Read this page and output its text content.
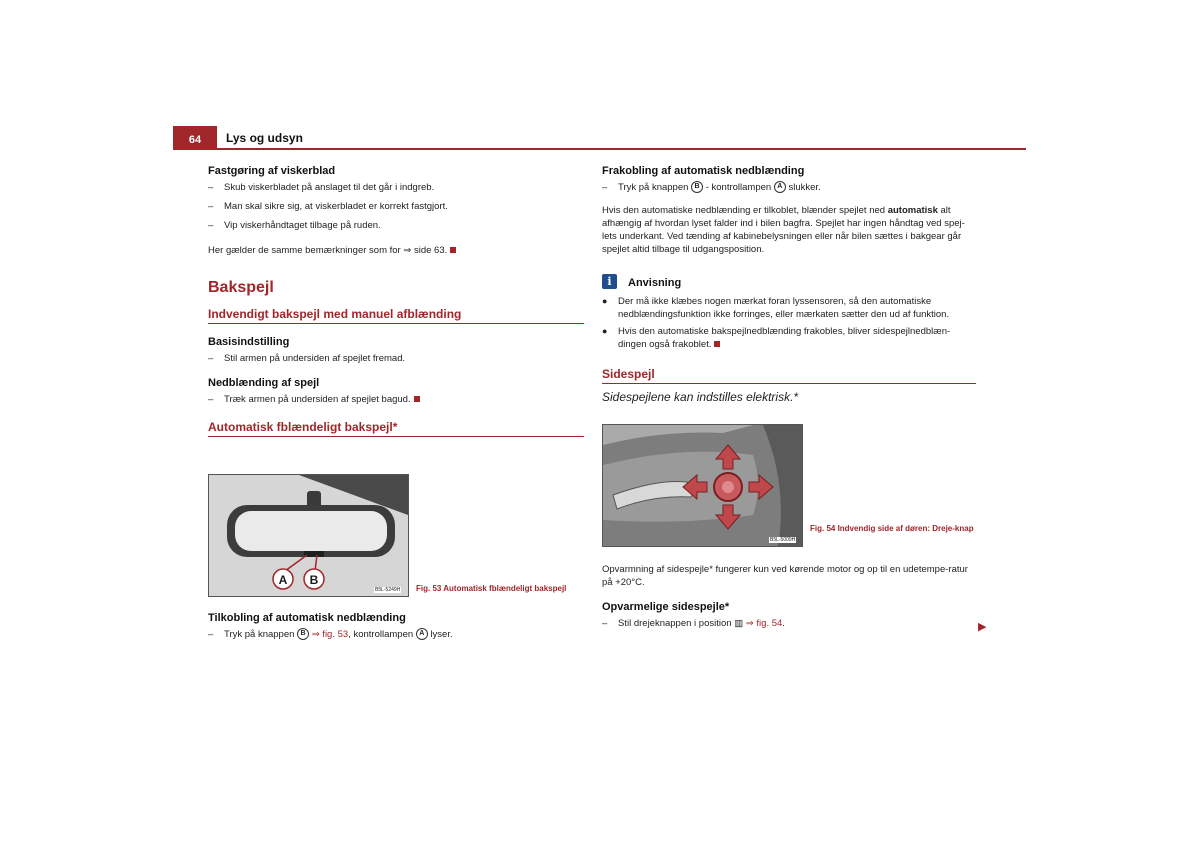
64	Lys og udsyn
Fastgøring af viskerblad
– Skub viskerbladet på anslaget til det går i indgreb.
– Man skal sikre sig, at viskerbladet er korrekt fastgjort.
– Vip viskerhåndtaget tilbage på ruden.
Her gælder de samme bemærkninger som for ⇒ side 63.
Bakspejl
Indvendigt bakspejl med manuel afblænding
Basisindstilling
– Stil armen på undersiden af spejlet fremad.
Nedblænding af spejl
– Træk armen på undersiden af spejlet bagud.
Automatisk fblændeligt bakspejl*
A B
B5L-5249H Fig. 53 Automatisk fblændeligt bakspejl
Tilkobling af automatisk nedblænding
– Tryk på knappen B ⇒ fig. 53, kontrollampen A lyser.
Frakobling af automatisk nedblænding
– Tryk på knappen B - kontrollampen A slukker.
Hvis den automatiske nedblænding er tilkoblet, blænder spejlet ned automatisk alt afhængig af hvordan lyset falder ind i bilen bagfra. Spejlet har ingen håndtag ved spej-lets underkant. Ved tænding af kabinebelysningen eller når bilen sættes i bakgear går spejlet altid tilbage til udgangsposition.
i	Anvisning
● Der må ikke klæbes nogen mærkat foran lyssensoren, så den automatiske nedblændingsfunktion ikke forringes, eller mærkaten sætter den ud af funktion.
● Hvis den automatiske bakspejlnedblænding frakobles, bliver sidespejlnedblæn-dingen også frakoblet.
Sidespejl
Sidespejlene kan indstilles elektrisk.*
B5L-5009H
Fig. 54 Indvendig side af døren: Dreje-knap
Opvarmning af sidespejle* fungerer kun ved kørende motor og op til en udetempe-ratur på +20°C.
Opvarmelige sidespejle*
– Stil drejeknappen i position ▥ ⇒ fig. 54.	▶
